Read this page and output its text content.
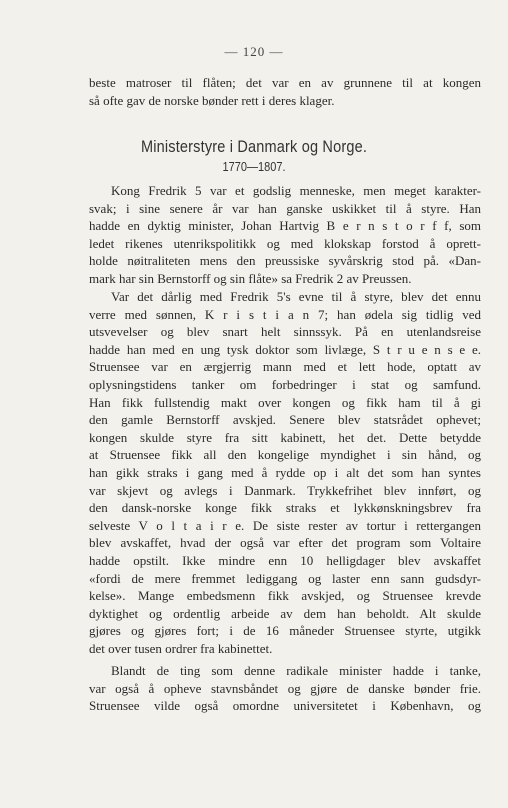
— 120 —
beste matroser til flåten; det var en av grunnene til at kongen
så ofte gav de norske bønder rett i deres klager.
Ministerstyre i Danmark og Norge.
1770—1807.
Kong Fredrik 5 var et godslig menneske, men meget karakter-
svak; i sine senere år var han ganske uskikket til å styre. Han
hadde en dyktig minister, Johan Hartvig B e r n s t o r f f, som
ledet rikenes utenrikspolitikk og med klokskap forstod å oprett-
holde nøitraliteten mens den preussiske syvårskrig stod på. «Dan-
mark har sin Bernstorff og sin flåte» sa Fredrik 2 av Preussen.
Var det dårlig med Fredrik 5's evne til å styre, blev det ennu
verre med sønnen, K r i s t i a n 7; han ødela sig tidlig ved
utsvevelser og blev snart helt sinnssyk. På en utenlandsreise
hadde han med en ung tysk doktor som livlæge, S t r u e n s e e.
Struensee var en ærgjerrig mann med et lett hode, optatt av
oplysningstidens tanker om forbedringer i stat og samfund.
Han fikk fullstendig makt over kongen og fikk ham til å gi
den gamle Bernstorff avskjed. Senere blev statsrådet ophevet;
kongen skulde styre fra sitt kabinett, het det. Dette betydde
at Struensee fikk all den kongelige myndighet i sin hånd, og
han gikk straks i gang med å rydde op i alt det som han syntes
var skjevt og avlegs i Danmark. Trykkefrihet blev innført, og
den dansk-norske konge fikk straks et lykkønskningsbrev fra
selveste V o l t a i r e. De siste rester av tortur i rettergangen
blev avskaffet, hvad der også var efter det program som Voltaire
hadde opstilt. Ikke mindre enn 10 helligdager blev avskaffet
«fordi de mere fremmet lediggang og laster enn sann gudsdyr-
kelse». Mange embedsmenn fikk avskjed, og Struensee krevde
dyktighet og ordentlig arbeide av dem han beholdt. Alt skulde
gjøres og gjøres fort; i de 16 måneder Struensee styrte, utgikk
det over tusen ordrer fra kabinettet.
Blandt de ting som denne radikale minister hadde i tanke,
var også å opheve stavnsbåndet og gjøre de danske bønder frie.
Struensee vilde også omordne universitetet i København, og
